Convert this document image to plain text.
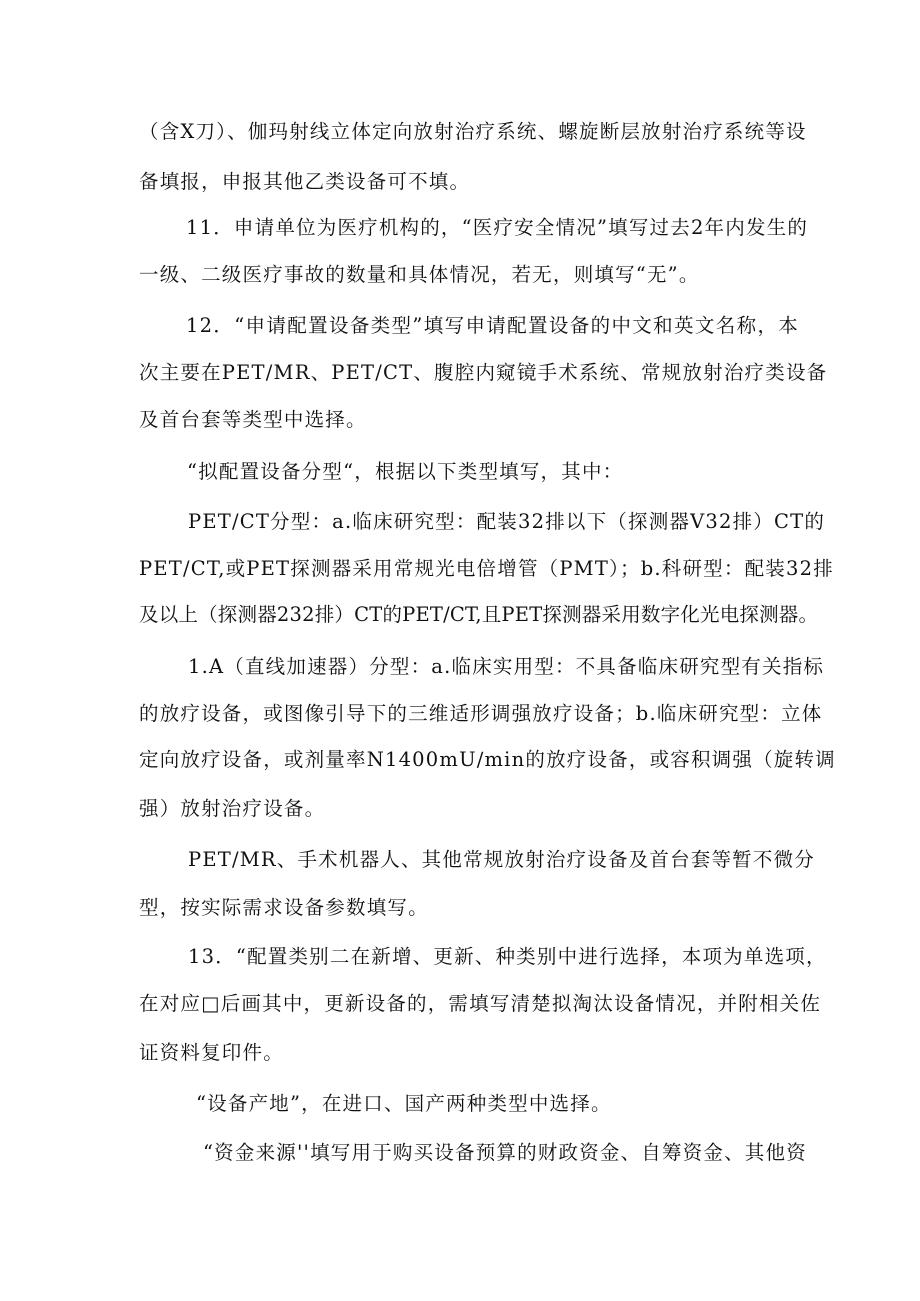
（含X刀）、伽玛射线立体定向放射治疗系统、螺旋断层放射治疗系统等设
备填报，申报其他乙类设备可不填。
11．申请单位为医疗机构的，“医疗安全情况”填写过去2年内发生的
一级、二级医疗事故的数量和具体情况，若无，则填写“无”。
12．“申请配置设备类型”填写申请配置设备的中文和英文名称，本
次主要在PET/MR、PET/CT、腹腔内窥镜手术系统、常规放射治疗类设备
及首台套等类型中选择。
“拟配置设备分型“，根据以下类型填写，其中：
PET/CT分型：a.临床研究型：配装32排以下（探测器V32排）CT的
PET/CT,或PET探测器采用常规光电倍增管（PMT）；b.科研型：配装32排
及以上（探测器232排）CT的PET/CT,且PET探测器采用数字化光电探测器。
1.A（直线加速器）分型：a.临床实用型：不具备临床研究型有关指标
的放疗设备，或图像引导下的三维适形调强放疗设备；b.临床研究型：立体
定向放疗设备，或剂量率N1400mU∕min的放疗设备，或容积调强（旋转调
强）放射治疗设备。
PET/MR、手术机器人、其他常规放射治疗设备及首台套等暂不微分
型，按实际需求设备参数填写。
13．“配置类别二在新增、更新、种类别中进行选择，本项为单选项，
在对应□后画其中，更新设备的，需填写清楚拟淘汰设备情况，并附相关佐
证资料复印件。
“设备产地”，在进口、国产两种类型中选择。
“资金来源''填写用于购买设备预算的财政资金、自筹资金、其他资
